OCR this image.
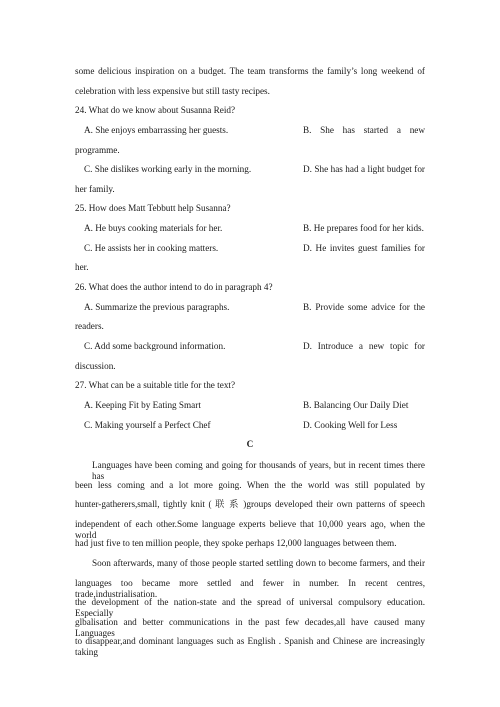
some delicious inspiration on a budget. The team transforms the family’s long weekend of
celebration with less expensive but still tasty recipes.
24. What do we know about Susanna Reid?
A. She enjoys embarrassing her guests.	B. She has started a new
programme.
C. She dislikes working early in the morning.	D. She has had a light budget for
her family.
25. How does Matt Tebbutt help Susanna?
A. He buys cooking materials for her.	B. He prepares food for her kids.
C. He assists her in cooking matters.	D. He invites guest families for
her.
26. What does the author intend to do in paragraph 4?
A. Summarize the previous paragraphs.	B. Provide some advice for the
readers.
C. Add some background information.	D. Introduce a new topic for
discussion.
27. What can be a suitable title for the text?
A. Keeping Fit by Eating Smart	B. Balancing Our Daily Diet
C. Making yourself a Perfect Chef	D. Cooking Well for Less
C
Languages have been coming and going for thousands of years, but in recent times there has
been less coming and a lot more going. When the the world was still populated by
hunter-gatherers,small, tightly knit ( 联 系 )groups developed their own patterns of speech
independent of each other.Some language experts believe that 10,000 years ago, when the world
had just five to ten million people, they spoke perhaps 12,000 languages between them.
Soon afterwards, many of those people started settling down to become farmers, and their
languages too became more settled and fewer in number. In recent centres, trade,industrialisation.
the development of the nation-state and the spread of universal compulsory education. Especially
glbalisation and better communications in the past few decades,all have caused many Languages
to disappear,and dominant languages such as English . Spanish and Chinese are increasingly taking
